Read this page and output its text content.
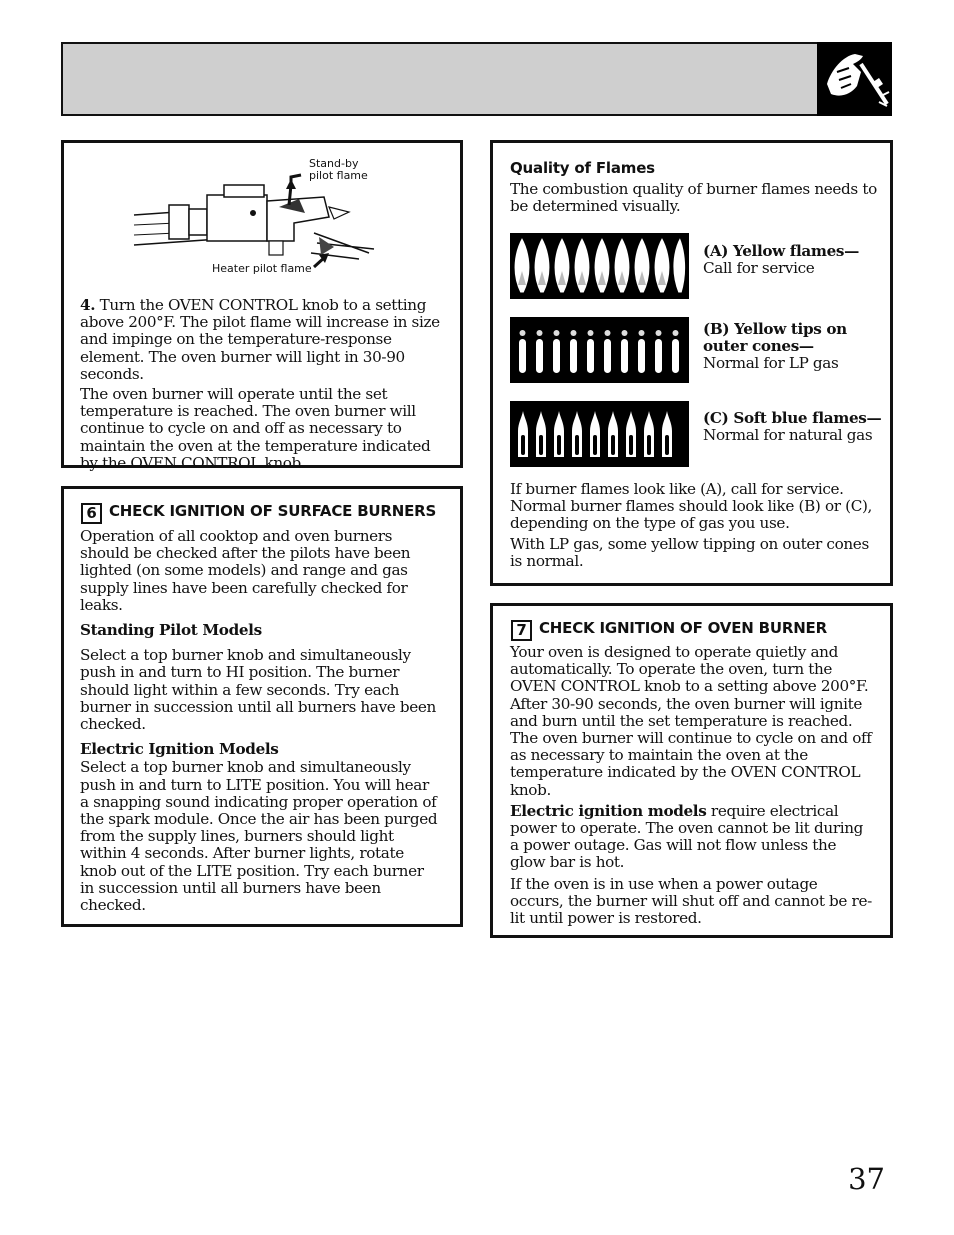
Stand-by
pilot flame
Heater pilot flame

4. Turn the OVEN CONTROL knob to a setting above 200°F. The pilot flame will increase in size and impinge on the temperature-response element. The oven burner will light in 30-90 seconds.

The oven burner will operate until the set temperature is reached. The oven burner will continue to cycle on and off as necessary to maintain the oven at the temperature indicated by the OVEN CONTROL knob.

6 CHECK IGNITION OF SURFACE BURNERS

Operation of all cooktop and oven burners should be checked after the pilots have been lighted (on some models) and range and gas supply lines have been carefully checked for leaks.

Standing Pilot Models

Select a top burner knob and simultaneously push in and turn to HI position. The burner should light within a few seconds. Try each burner in succession until all burners have been checked.

Electric Ignition Models

Select a top burner knob and simultaneously push in and turn to LITE position. You will hear a snapping sound indicating proper operation of the spark module. Once the air has been purged from the supply lines, burners should light within 4 seconds. After burner lights, rotate knob out of the LITE position. Try each burner in succession until all burners have been checked.

Quality of Flames

The combustion quality of burner flames needs to be determined visually.

(A) Yellow flames—

Call for service

(B) Yellow tips on outer cones—

Normal for LP gas

(C) Soft blue flames—

Normal for natural gas

If burner flames look like (A), call for service. Normal burner flames should look like (B) or (C), depending on the type of gas you use.

With LP gas, some yellow tipping on outer cones is normal.

7 CHECK IGNITION OF OVEN BURNER

Your oven is designed to operate quietly and automatically. To operate the oven, turn the OVEN CONTROL knob to a setting above 200°F. After 30-90 seconds, the oven burner will ignite and burn until the set temperature is reached. The oven burner will continue to cycle on and off as necessary to maintain the oven at the temperature indicated by the OVEN CONTROL knob.

Electric ignition models require electrical power to operate. The oven cannot be lit during a power outage. Gas will not flow unless the glow bar is hot.

If the oven is in use when a power outage occurs, the burner will shut off and cannot be re-lit until power is restored.

37
